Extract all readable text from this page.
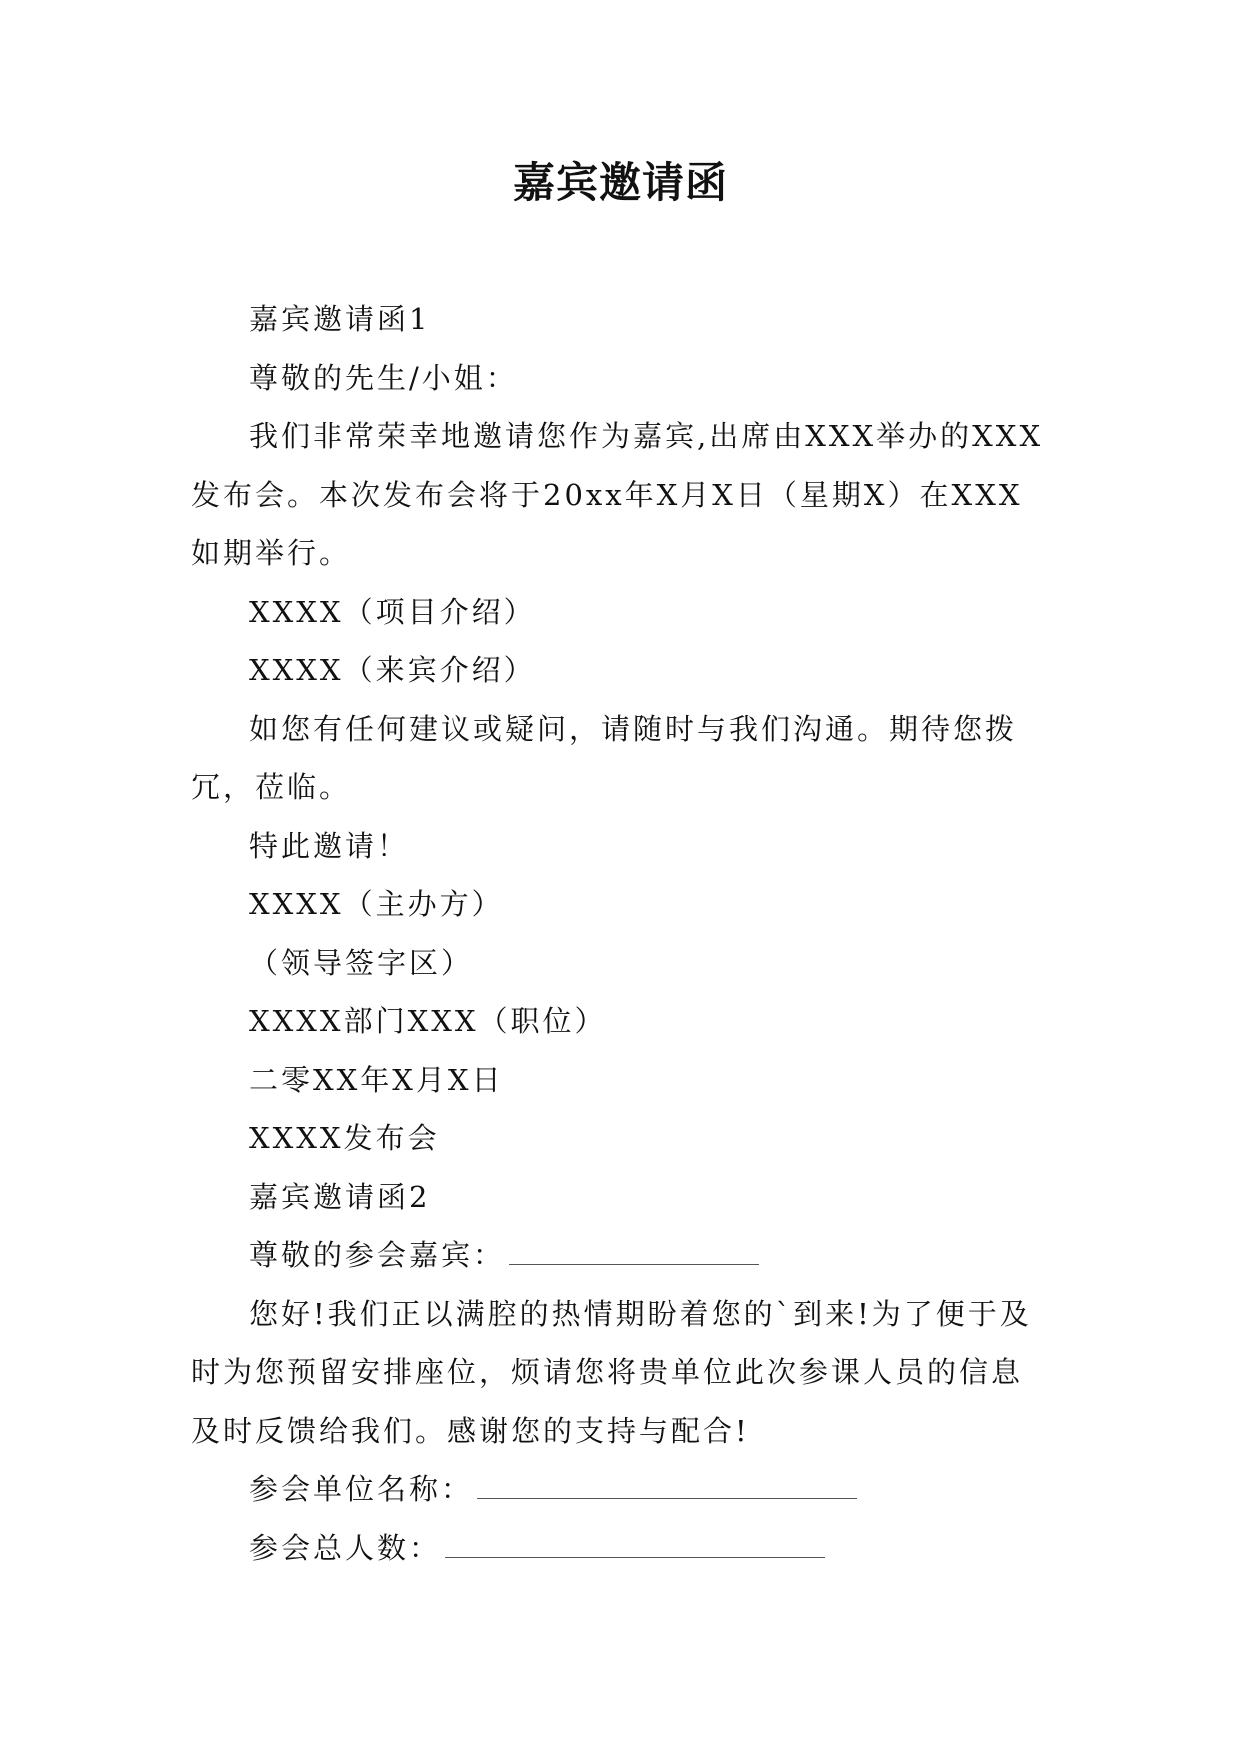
嘉宾邀请函

嘉宾邀请函1

尊敬的先生/小姐：

我们非常荣幸地邀请您作为嘉宾,出席由XXX举办的XXX发布会。本次发布会将于20xx年X月X日（星期X）在XXX如期举行。

XXXX（项目介绍）

XXXX（来宾介绍）

如您有任何建议或疑问，请随时与我们沟通。期待您拨冗，莅临。

特此邀请！

XXXX（主办方）

（领导签字区）

XXXX部门XXX（职位）

二零XX年X月X日

XXXX发布会

嘉宾邀请函2

尊敬的参会嘉宾：

您好!我们正以满腔的热情期盼着您的`到来!为了便于及时为您预留安排座位，烦请您将贵单位此次参课人员的信息及时反馈给我们。感谢您的支持与配合!

参会单位名称：

参会总人数：
